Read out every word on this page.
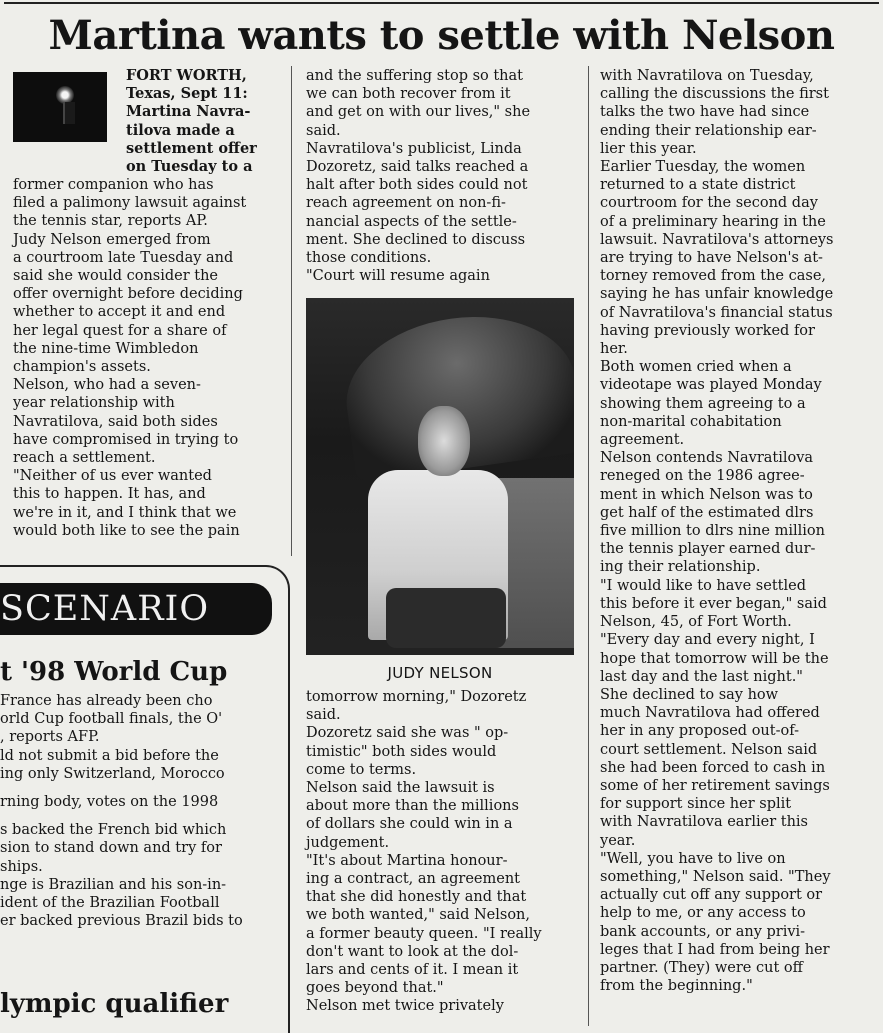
Martina wants to settle with Nelson
FORT WORTH,
Texas, Sept 11:
Martina Navra-
tilova made a
settlement offer
on Tuesday to a
former companion who has
filed a palimony lawsuit against
the tennis star, reports AP.
Judy Nelson emerged from
a courtroom late Tuesday and
said she would consider the
offer overnight before deciding
whether to accept it and end
her legal quest for a share of
the nine-time Wimbledon
champion's assets.
Nelson, who had a seven-
year relationship with
Navratilova, said both sides
have compromised in trying to
reach a settlement.
"Neither of us ever wanted
this to happen. It has, and
we're in it, and I think that we
would both like to see the pain
and the suffering stop so that
we can both recover from it
and get on with our lives," she
said.
Navratilova's publicist, Linda
Dozoretz, said talks reached a
halt after both sides could not
reach agreement on non-fi-
nancial aspects of the settle-
ment. She declined to discuss
those conditions.
"Court will resume again
JUDY NELSON
tomorrow morning," Dozoretz
said.
Dozoretz said she was " op-
timistic" both sides would
come to terms.
Nelson said the lawsuit is
about more than the millions
of dollars she could win in a
judgement.
"It's about Martina honour-
ing a contract, an agreement
that she did honestly and that
we both wanted," said Nelson,
a former beauty queen. "I really
don't want to look at the dol-
lars and cents of it. I mean it
goes beyond that."
Nelson met twice privately
with Navratilova on Tuesday,
calling the discussions the first
talks the two have had since
ending their relationship ear-
lier this year.
Earlier Tuesday, the women
returned to a state district
courtroom for the second day
of a preliminary hearing in the
lawsuit. Navratilova's attorneys
are trying to have Nelson's at-
torney removed from the case,
saying he has unfair knowledge
of Navratilova's financial status
having previously worked for
her.
Both women cried when a
videotape was played Monday
showing them agreeing to a
non-marital cohabitation
agreement.
Nelson contends Navratilova
reneged on the 1986 agree-
ment in which Nelson was to
get half of the estimated dlrs
five million to dlrs nine million
the tennis player earned dur-
ing their relationship.
"I would like to have settled
this before it ever began," said
Nelson, 45, of Fort Worth.
"Every day and every night, I
hope that tomorrow will be the
last day and the last night."
She declined to say how
much Navratilova had offered
her in any proposed out-of-
court settlement. Nelson said
she had been forced to cash in
some of her retirement savings
for support since her split
with Navratilova earlier this
year.
"Well, you have to live on
something," Nelson said. "They
actually cut off any support or
help to me, or any access to
bank accounts, or any privi-
leges that I had from being her
partner. (They) were cut off
from the beginning."
SCENARIO
t '98 World Cup
France has already been cho
orld Cup football finals, the O'
, reports AFP.
ld not submit a bid before the
ing only Switzerland, Morocco
rning body, votes on the 1998
s backed the French bid which
sion to stand down and try for
ships.
nge is Brazilian and his son-in-
ident of the Brazilian Football
er backed previous Brazil bids to
lympic qualifier
